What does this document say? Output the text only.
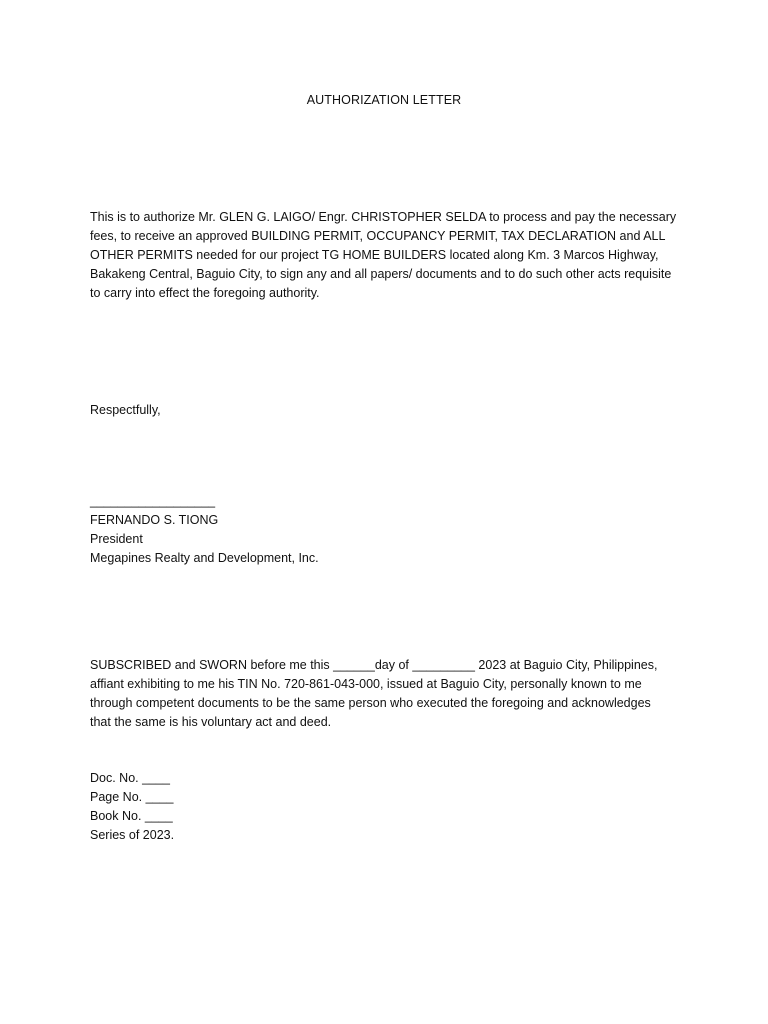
AUTHORIZATION LETTER
This is to authorize Mr. GLEN G. LAIGO/ Engr. CHRISTOPHER SELDA to process and pay the necessary
fees, to receive an approved BUILDING PERMIT, OCCUPANCY PERMIT, TAX DECLARATION and ALL
OTHER PERMITS needed for our project TG HOME BUILDERS located along Km. 3 Marcos Highway,
Bakakeng Central, Baguio City, to sign any and all papers/ documents and to do such other acts requisite
to carry into effect the foregoing authority.
Respectfully,
__________________
FERNANDO S. TIONG
President
Megapines Realty and Development, Inc.
SUBSCRIBED and SWORN before me this ______day of _________ 2023 at Baguio City, Philippines,
affiant exhibiting to me his TIN No. 720-861-043-000, issued at Baguio City, personally known to me
through competent documents to be the same person who executed the foregoing and acknowledges
that the same is his voluntary act and deed.
Doc. No. ____
Page No. ____
Book No. ____
Series of 2023.
